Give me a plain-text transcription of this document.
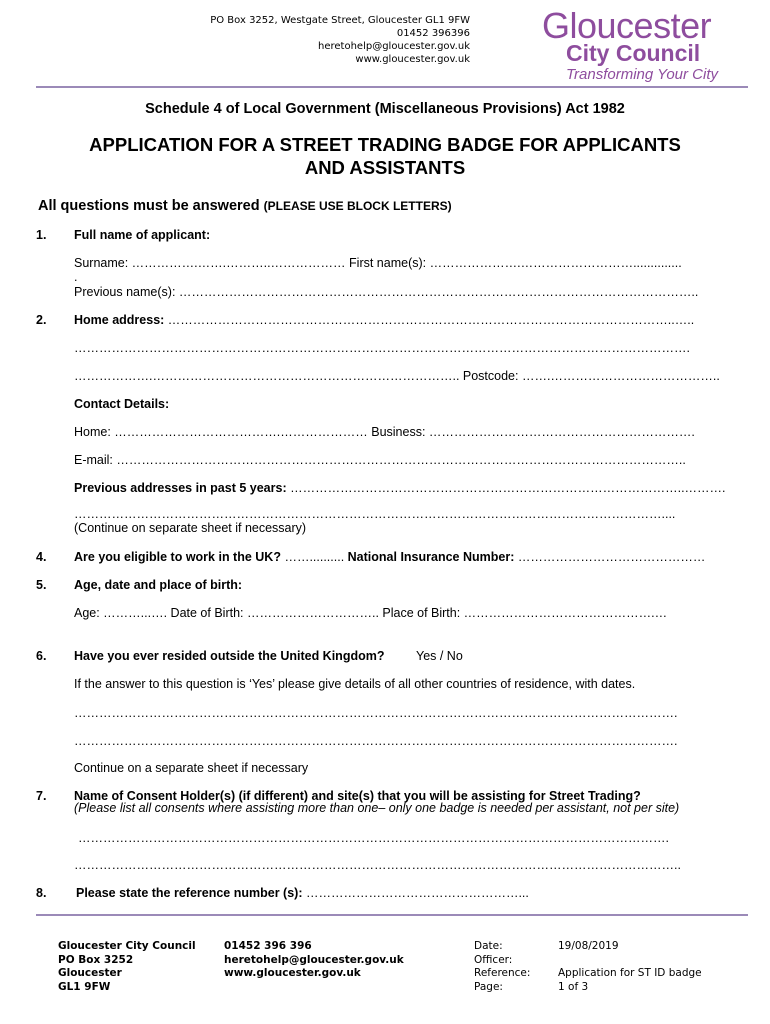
PO Box 3252, Westgate Street, Gloucester GL1 9FW
01452 396396
heretohelp@gloucester.gov.uk
www.gloucester.gov.uk
Gloucester
City Council
Transforming Your City
Schedule 4 of Local Government (Miscellaneous Provisions) Act 1982
APPLICATION FOR A STREET TRADING BADGE FOR APPLICANTS
AND ASSISTANTS
All questions must be answered (PLEASE USE BLOCK LETTERS)
1. Full name of applicant:
Surname: …………….…….………..……………… First name(s): ………………….………………………..............
.
Previous name(s): ……………………………………………………………………………………………………………..
2. Home address: …………………………………………………………………………………………………………..…..
………………………………………………………………………………………………………………………………….
……………….……………………………………………………………….. Postcode: …….…………………………………..
Contact Details:
Home: ………………………………….………………… Business: ……………………………………………………….
E-mail: ………………………………………………………………………………………………………………………..
Previous addresses in past 5 years: …………………………………………………………………………………..……….
……………………………………………………………………………………………………………………………....
(Continue on separate sheet if necessary)
4. Are you eligible to work in the UK? …….......... National Insurance Number: ………………………………………
5. Age, date and place of birth:
Age: ………...…. Date of Birth: ………………………….. Place of Birth: ……………………………………….…
6. Have you ever resided outside the United Kingdom?	Yes / No
If the answer to this question is ‘Yes’ please give details of all other countries of residence, with dates.
……………………………………………………………………………………………………………………………….
……………………………………………………………………………………………………………………………….
Continue on a separate sheet if necessary
7. Name of Consent Holder(s) (if different) and site(s) that you will be assisting for Street Trading?
(Please list all consents where assisting more than one– only one badge is needed per assistant, not per site)
…………………………………………………………………………………………………………………………….
………………………………………………………………………………………………………………………………..
8. Please state the reference number (s): ……………………………………………...
Gloucester City Council
PO Box 3252
Gloucester
GL1 9FW
01452 396 396
heretohelp@gloucester.gov.uk
www.gloucester.gov.uk
Date:
Officer:
Reference:
Page:
19/08/2019
Application for ST ID badge
1 of 3
